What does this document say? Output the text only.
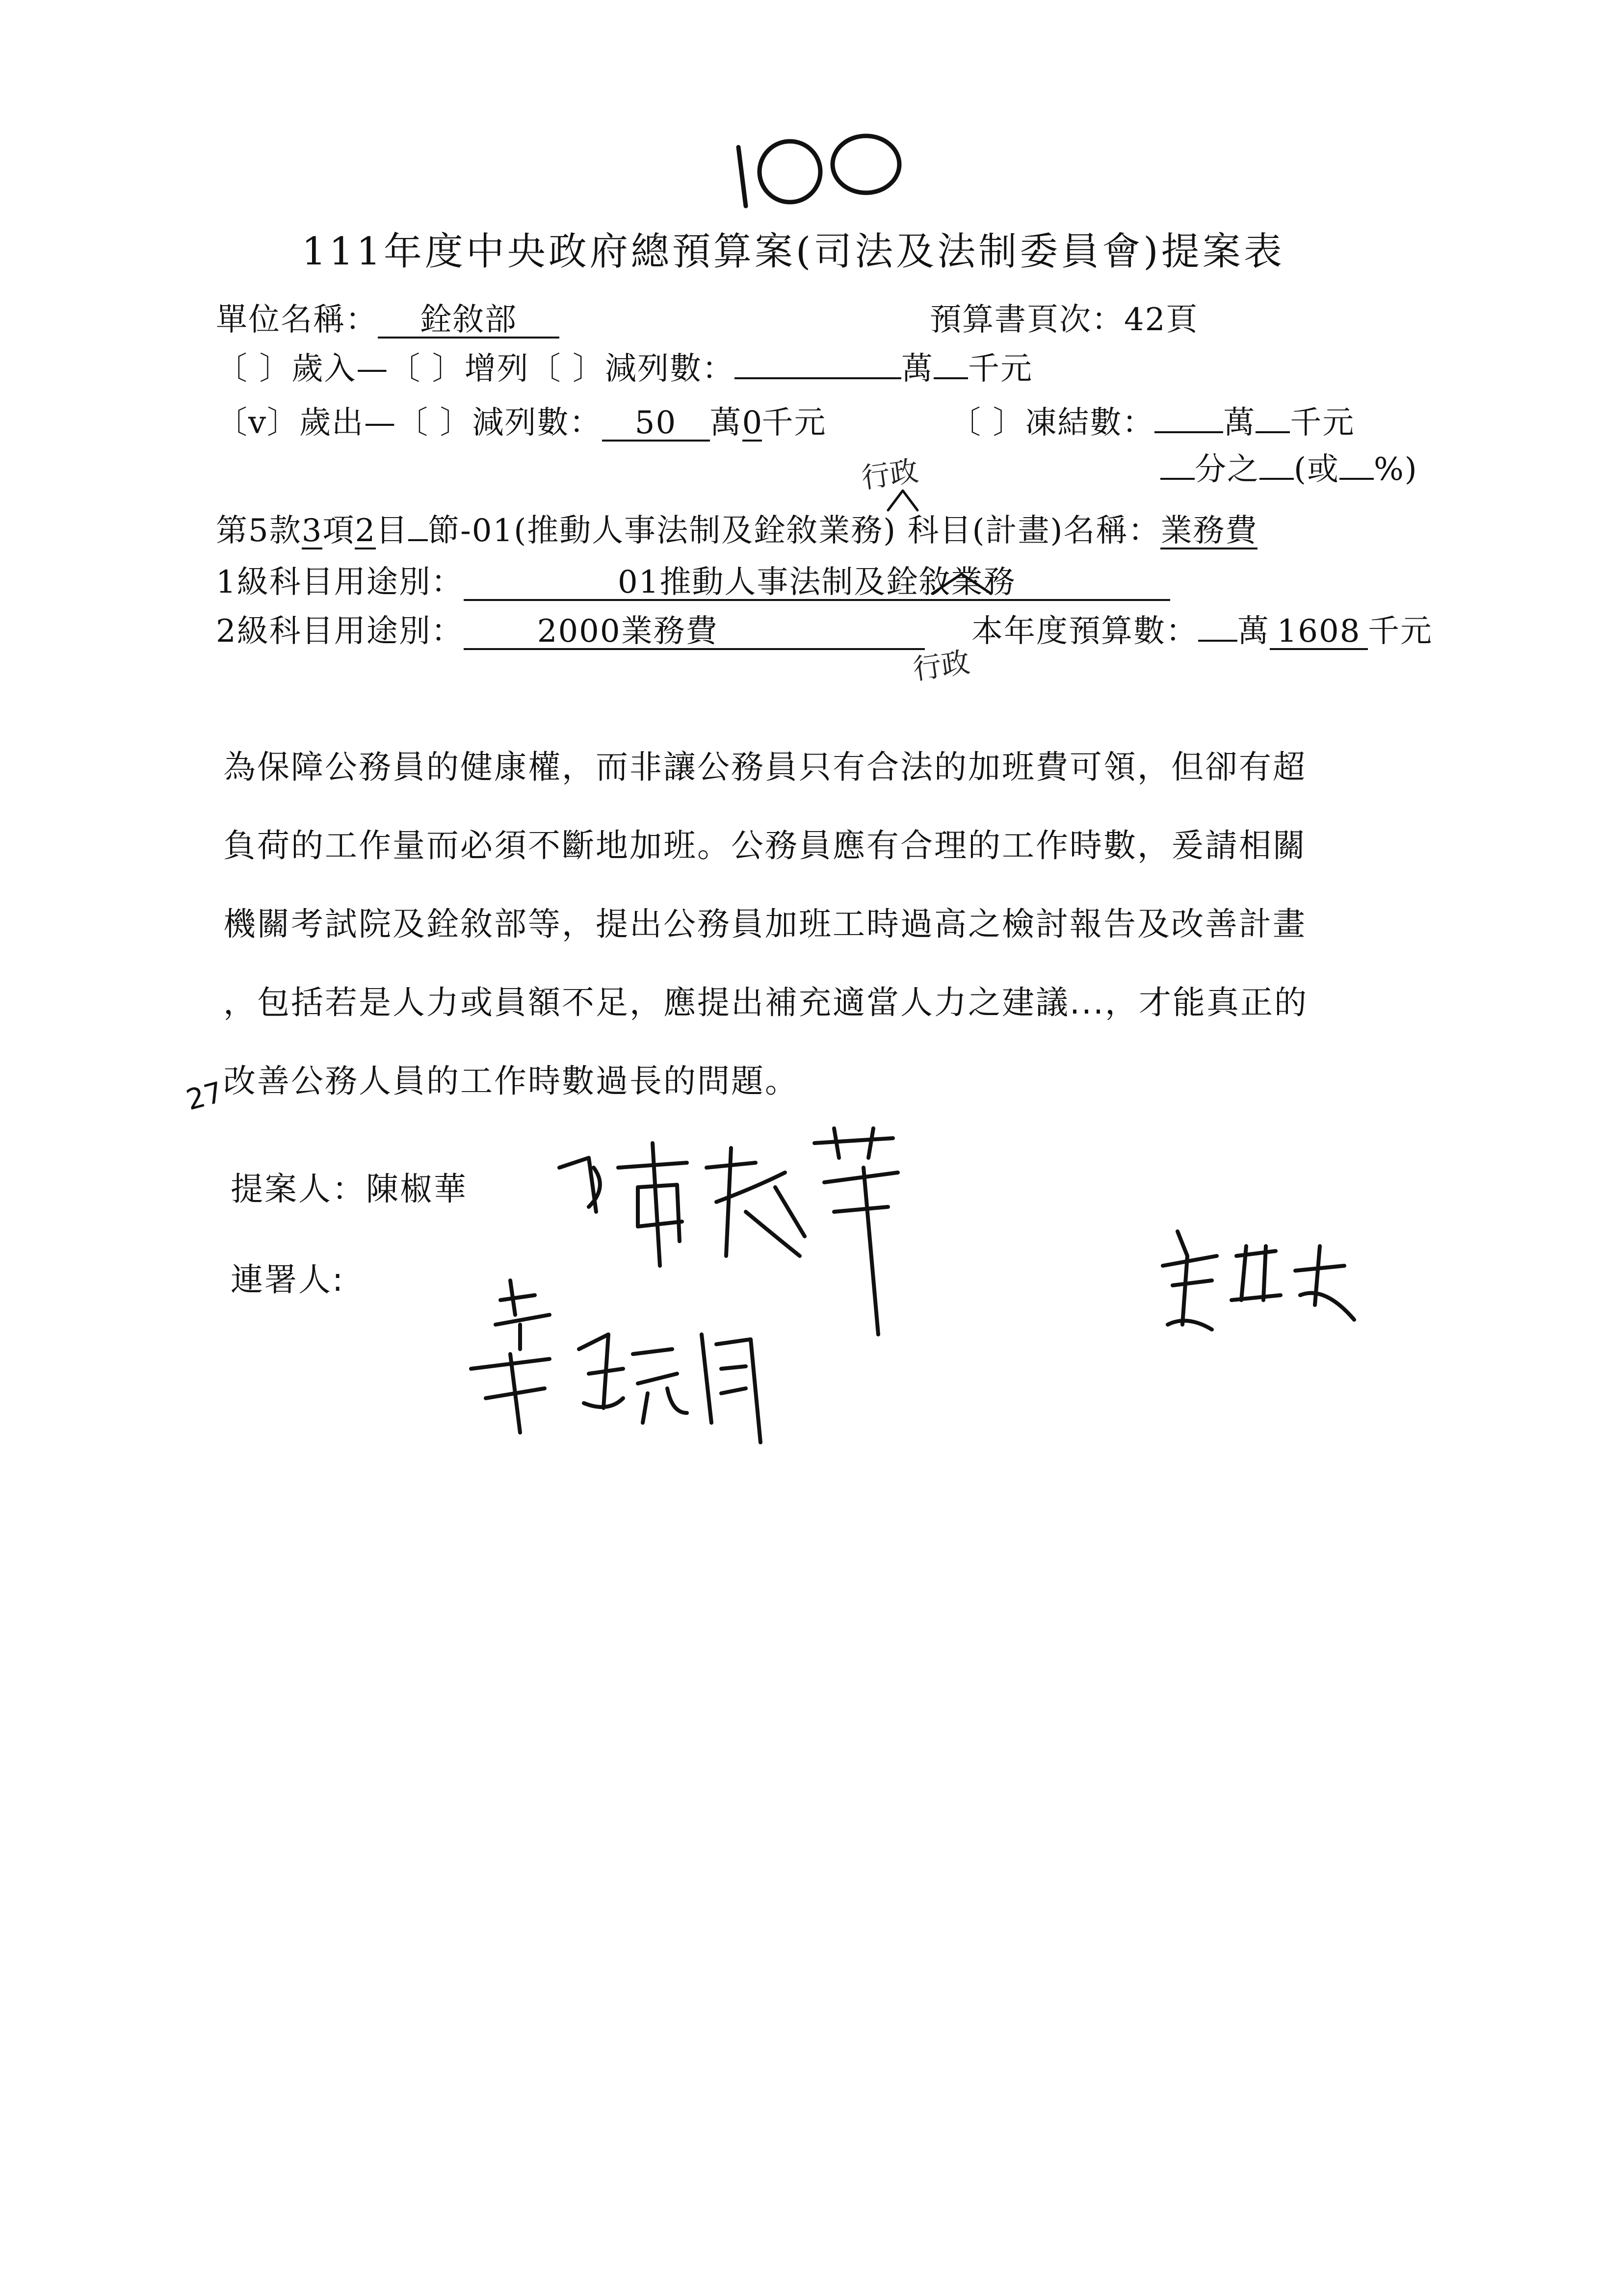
111年度中央政府總預算案(司法及法制委員會)提案表
單位名稱： 銓敘部	預算書頁次：42頁
〔 〕歲入—〔 〕增列〔 〕減列數：	萬 千元
〔v〕歲出—〔 〕減列數： 50 萬0千元	〔 〕凍結數： 萬 千元
分之 (或 %)
行政
第5款3項2目 節-01(推動人事法制及銓敘業務) 科目(計畫)名稱：業務費
1級科目用途別：	01推動人事法制及銓敘業務
2級科目用途別： 2000業務費	本年度預算數： 萬 1608 千元
行政
為保障公務員的健康權，而非讓公務員只有合法的加班費可領，但卻有超
負荷的工作量而必須不斷地加班。公務員應有合理的工作時數，爰請相關
機關考試院及銓敘部等，提出公務員加班工時過高之檢討報告及改善計畫
，包括若是人力或員額不足，應提出補充適當人力之建議...，才能真正的
改善公務人員的工作時數過長的問題。
27
提案人：陳椒華
連署人:
